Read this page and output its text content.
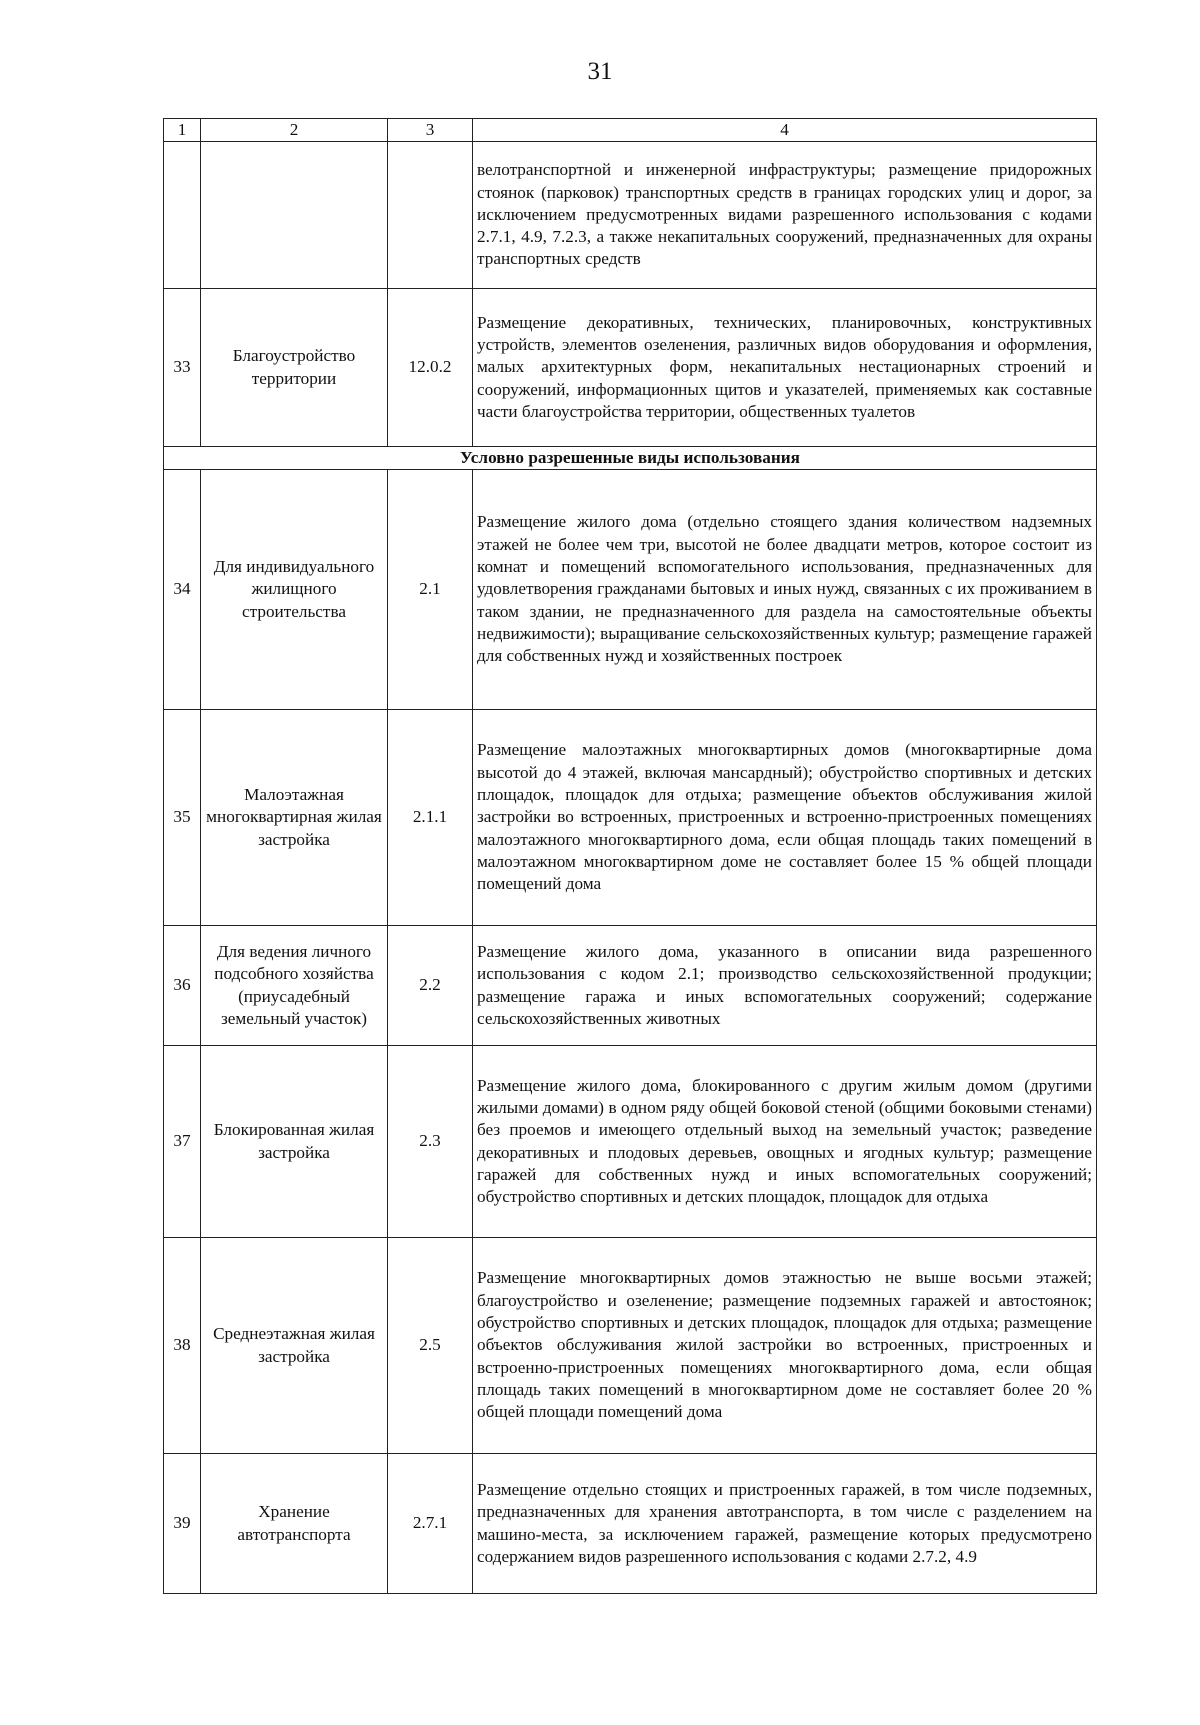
31
1	2	3	4
			велотранспортной и инженерной инфраструктуры; размещение придорожных стоянок (парковок) транспортных средств в границах городских улиц и дорог, за исключением предусмотренных видами разрешенного использования с кодами 2.7.1, 4.9, 7.2.3, а также некапитальных сооружений, предназначенных для охраны транспортных средств
33	Благоустройство территории	12.0.2	Размещение декоративных, технических, планировочных, конструктивных устройств, элементов озеленения, различных видов оборудования и оформления, малых архитектурных форм, некапитальных нестационарных строений и сооружений, информационных щитов и указателей, применяемых как составные части благоустройства территории, общественных туалетов
Условно разрешенные виды использования			
34	Для индивидуального жилищного строительства	2.1	Размещение жилого дома (отдельно стоящего здания количеством надземных этажей не более чем три, высотой не более двадцати метров, которое состоит из комнат и помещений вспомогательного использования, предназначенных для удовлетворения гражданами бытовых и иных нужд, связанных с их проживанием в таком здании, не предназначенного для раздела на самостоятельные объекты недвижимости); выращивание сельскохозяйственных культур; размещение гаражей для собственных нужд и хозяйственных построек
35	Малоэтажная многоквартирная жилая застройка	2.1.1	Размещение малоэтажных многоквартирных домов (многоквартирные дома высотой до 4 этажей, включая мансардный); обустройство спортивных и детских площадок, площадок для отдыха; размещение объектов обслуживания жилой застройки во встроенных, пристроенных и встроенно-пристроенных помещениях малоэтажного многоквартирного дома, если общая площадь таких помещений в малоэтажном многоквартирном доме не составляет более 15 % общей площади помещений дома
36	Для ведения личного подсобного хозяйства (приусадебный земельный участок)	2.2	Размещение жилого дома, указанного в описании вида разрешенного использования с кодом 2.1; производство сельскохозяйственной продукции; размещение гаража и иных вспомогательных сооружений; содержание сельскохозяйственных животных
37	Блокированная жилая застройка	2.3	Размещение жилого дома, блокированного с другим жилым домом (другими жилыми домами) в одном ряду общей боковой стеной (общими боковыми стенами) без проемов и имеющего отдельный выход на земельный участок; разведение декоративных и плодовых деревьев, овощных и ягодных культур; размещение гаражей для собственных нужд и иных вспомогательных сооружений; обустройство спортивных и детских площадок, площадок для отдыха
38	Среднеэтажная жилая застройка	2.5	Размещение многоквартирных домов этажностью не выше восьми этажей; благоустройство и озеленение; размещение подземных гаражей и автостоянок; обустройство спортивных и детских площадок, площадок для отдыха; размещение объектов обслуживания жилой застройки во встроенных, пристроенных и встроенно-пристроенных помещениях многоквартирного дома, если общая площадь таких помещений в многоквартирном доме не составляет более 20 % общей площади помещений дома
39	Хранение автотранспорта	2.7.1	Размещение отдельно стоящих и пристроенных гаражей, в том числе подземных, предназначенных для хранения автотранспорта, в том числе с разделением на машино-места, за исключением гаражей, размещение которых предусмотрено содержанием видов разрешенного использования с кодами 2.7.2, 4.9
